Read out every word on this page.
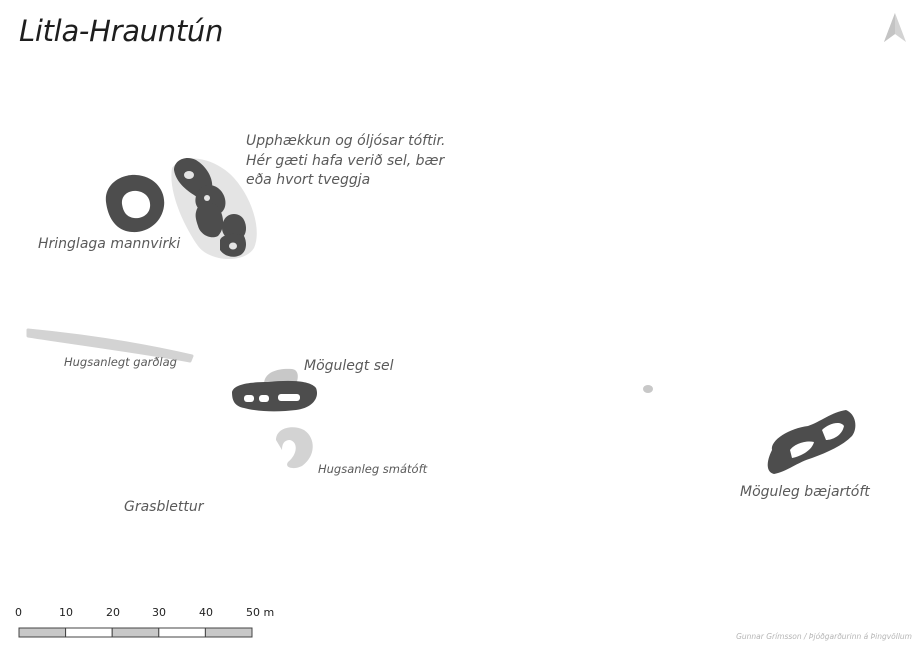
Litla-Hrauntún
Upphækkun og óljósar tóftir.
Hér gæti hafa verið sel, bær
eða hvort tveggja
Hringlaga mannvirki
Hugsanlegt garðlag	Mögulegt sel
Hugsanleg smátóft
Grasblettur
Möguleg bæjartóft
0	10	20	30	40	50 m
Gunnar Grímsson / Þjóðgarðurinn á Þingvöllum
